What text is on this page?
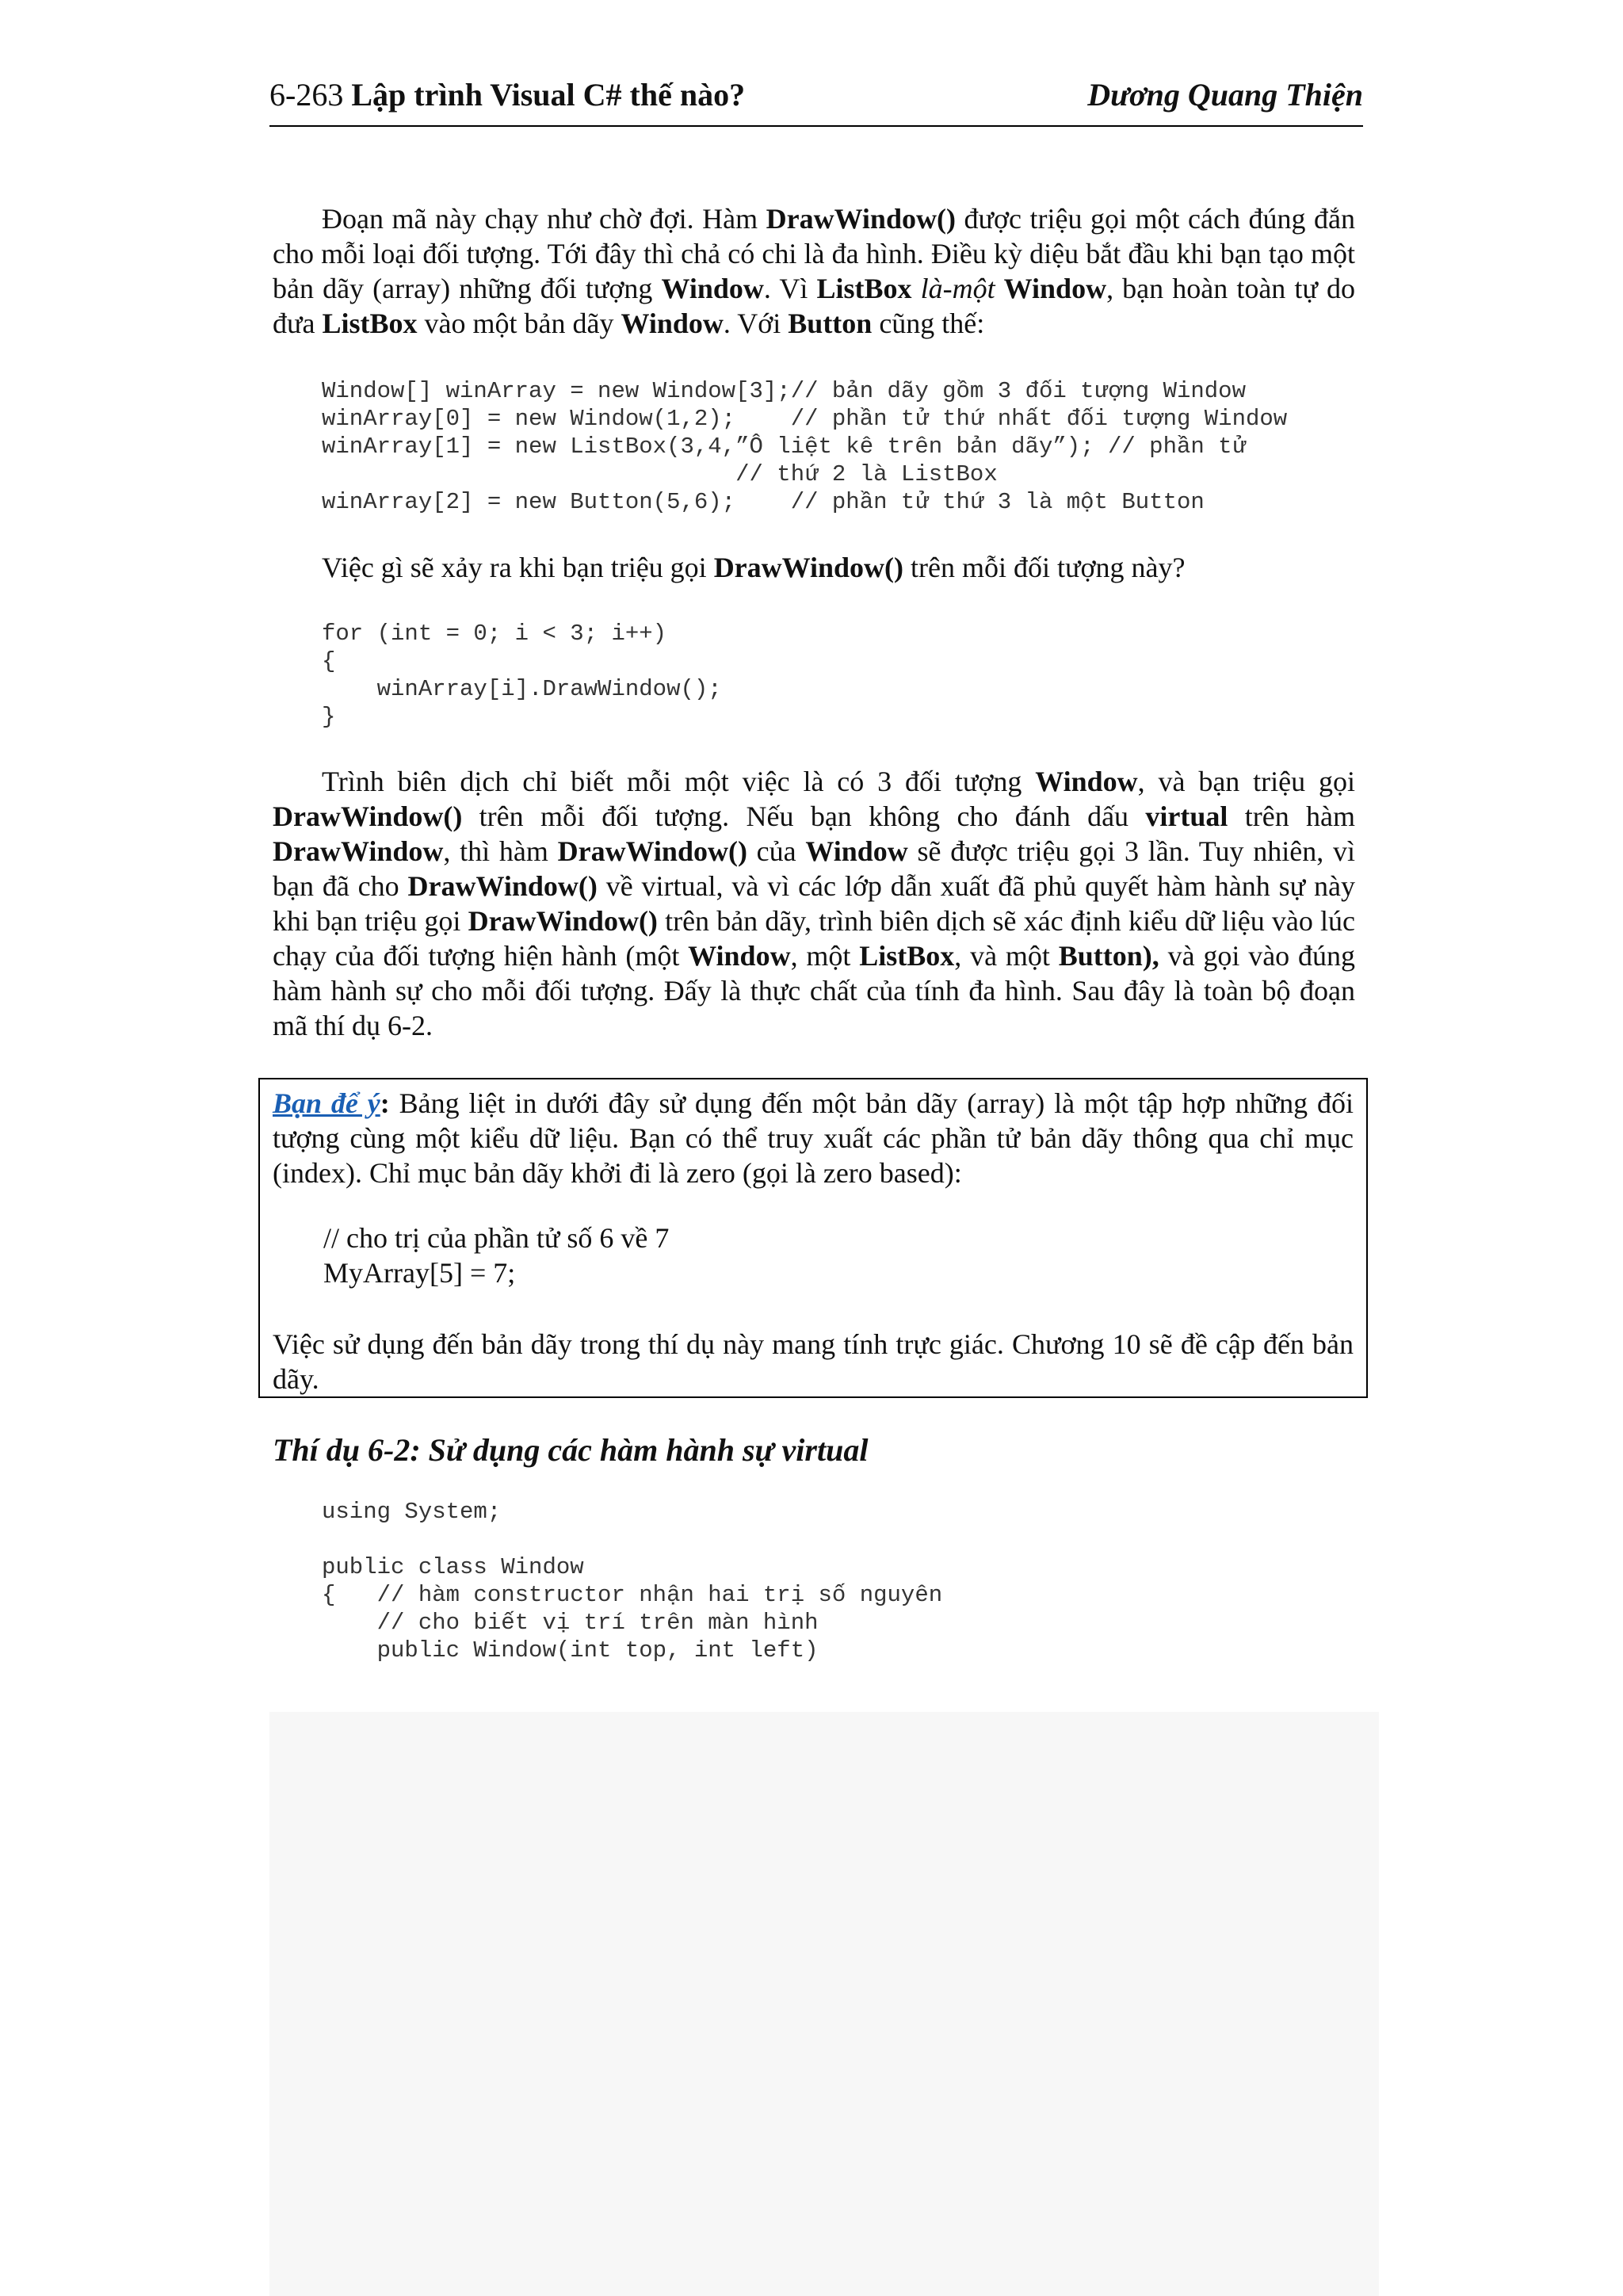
6-263 Lập trình Visual C# thế nào?	Dương Quang Thiện

Đoạn mã này chạy như chờ đợi. Hàm DrawWindow() được triệu gọi một cách đúng đắn cho mỗi loại đối tượng. Tới đây thì chả có chi là đa hình. Điều kỳ diệu bắt đầu khi bạn tạo một bản dãy (array) những đối tượng Window. Vì ListBox là-một Window, bạn hoàn toàn tự do đưa ListBox vào một bản dãy Window. Với Button cũng thế:

Window[] winArray = new Window[3];// bản dãy gồm 3 đối tượng Window
winArray[0] = new Window(1,2);    // phần tử thứ nhất đối tượng Window
winArray[1] = new ListBox(3,4,”Ô liệt kê trên bản dãy”); // phần tử
// thứ 2 là ListBox
winArray[2] = new Button(5,6);    // phần tử thứ 3 là một Button

Việc gì sẽ xảy ra khi bạn triệu gọi DrawWindow() trên mỗi đối tượng này?

for (int = 0; i < 3; i++)
{
winArray[i].DrawWindow();
}

Trình biên dịch chỉ biết mỗi một việc là có 3 đối tượng Window, và bạn triệu gọi DrawWindow() trên mỗi đối tượng. Nếu bạn không cho đánh dấu virtual trên hàm DrawWindow, thì hàm DrawWindow() của Window sẽ được triệu gọi 3 lần. Tuy nhiên, vì bạn đã cho DrawWindow() về virtual, và vì các lớp dẫn xuất đã phủ quyết hàm hành sự này khi bạn triệu gọi DrawWindow() trên bản dãy, trình biên dịch sẽ xác định kiểu dữ liệu vào lúc chạy của đối tượng hiện hành (một Window, một ListBox, và một Button), và gọi vào đúng hàm hành sự cho mỗi đối tượng. Đấy là thực chất của tính đa hình. Sau đây là toàn bộ đoạn mã thí dụ 6-2.

Bạn để ý: Bảng liệt in dưới đây sử dụng đến một bản dãy (array) là một tập hợp những đối tượng cùng một kiểu dữ liệu. Bạn có thể truy xuất các phần tử bản dãy thông qua chỉ mục (index). Chỉ mục bản dãy khởi đi là zero (gọi là zero based):

// cho trị của phần tử số 6 về 7
MyArray[5] = 7;

Việc sử dụng đến bản dãy trong thí dụ này mang tính trực giác. Chương 10 sẽ đề cập đến bản dãy.

Thí dụ 6-2: Sử dụng các hàm hành sự virtual
using System;

public class Window
{   // hàm constructor nhận hai trị số nguyên
// cho biết vị trí trên màn hình
public Window(int top, int left)
